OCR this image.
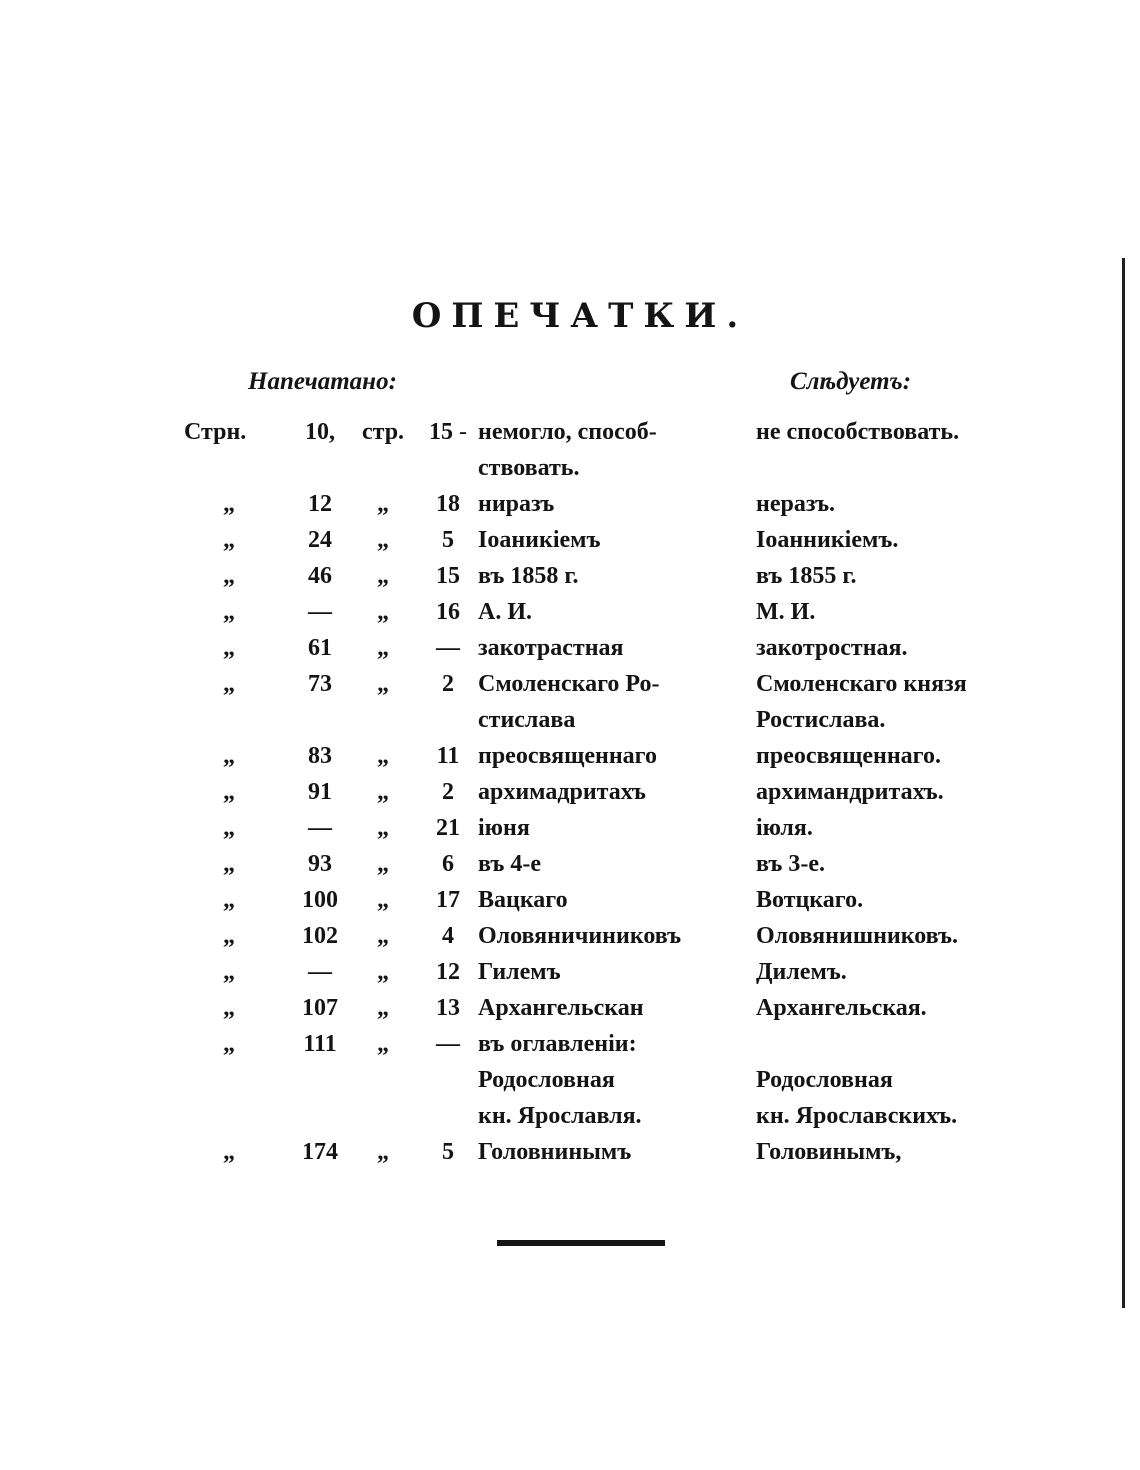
ОПЕЧАТКИ.
Напечатано:	Слѣдуетъ:
Стрн.	10,	стр.	15 -	немогло, способ-	не способствовать.
				ствовать.	
„	12	„	18	ниразъ	неразъ.
„	24	„	5	Іоаникіемъ	Іоанникіемъ.
„	46	„	15	въ 1858 г.	въ 1855 г.
„	—	„	16	А. И.	М. И.
„	61	„	—	закотрастная	закотростная.
„	73	„	2	Смоленскаго Ро-	Смоленскаго князя
				стислава	Ростислава.
„	83	„	11	преосвященнаго	преосвященнаго.
„	91	„	2	архимадритахъ	архимандритахъ.
„	—	„	21	іюня	іюля.
„	93	„	6	въ 4-е	въ 3-е.
„	100	„	17	Вацкаго	Вотцкаго.
„	102	„	4	Оловяничиниковъ	Оловянишниковъ.
„	—	„	12	Гилемъ	Дилемъ.
„	107	„	13	Архангельскан	Архангельская.
„	111	„	—	въ оглавленіи:	
				Родословная	Родословная
				кн. Ярославля.	кн. Ярославскихъ.
„	174	„	5	Головнинымъ	Головинымъ,
